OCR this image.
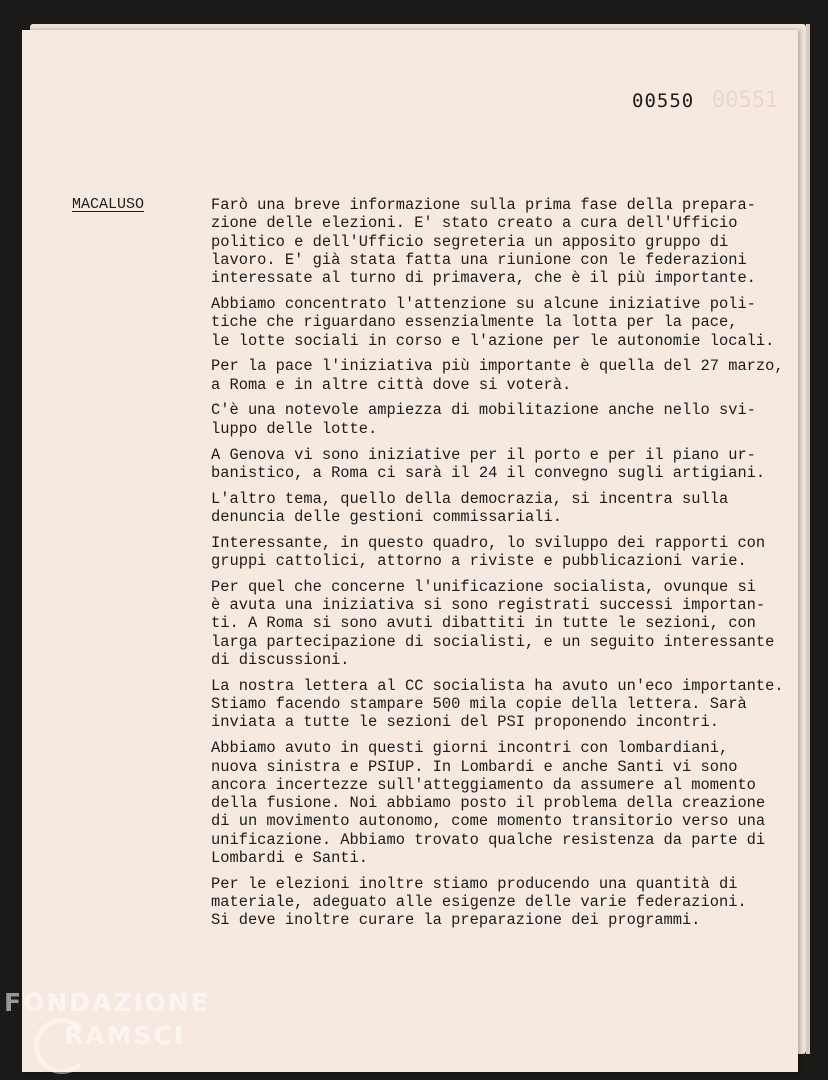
00551
00550
MACALUSO	Farò una breve informazione sulla prima fase della prepara-
zione delle elezioni. E' stato creato a cura dell'Ufficio
politico e dell'Ufficio segreteria un apposito gruppo di
lavoro. E' già stata fatta una riunione con le federazioni
interessate al turno di primavera, che è il più importante.

Abbiamo concentrato l'attenzione su alcune iniziative poli-
tiche che riguardano essenzialmente la lotta per la pace,
le lotte sociali in corso e l'azione per le autonomie locali.

Per la pace l'iniziativa più importante è quella del 27 marzo,
a Roma e in altre città dove si voterà.

C'è una notevole ampiezza di mobilitazione anche nello svi-
luppo delle lotte.

A Genova vi sono iniziative per il porto e per il piano ur-
banistico, a Roma ci sarà il 24 il convegno sugli artigiani.

L'altro tema, quello della democrazia, si incentra sulla
denuncia delle gestioni commissariali.

Interessante, in questo quadro, lo sviluppo dei rapporti con
gruppi cattolici, attorno a riviste e pubblicazioni varie.

Per quel che concerne l'unificazione socialista, ovunque si
è avuta una iniziativa si sono registrati successi importan-
ti. A Roma si sono avuti dibattiti in tutte le sezioni, con
larga partecipazione di socialisti, e un seguito interessante
di discussioni.

La nostra lettera al CC socialista ha avuto un'eco importante.
Stiamo facendo stampare 500 mila copie della lettera. Sarà
inviata a tutte le sezioni del PSI proponendo incontri.

Abbiamo avuto in questi giorni incontri con lombardiani,
nuova sinistra e PSIUP. In Lombardi e anche Santi vi sono
ancora incertezze sull'atteggiamento da assumere al momento
della fusione. Noi abbiamo posto il problema della creazione
di un movimento autonomo, come momento transitorio verso una
unificazione. Abbiamo trovato qualche resistenza da parte di
Lombardi e Santi.

Per le elezioni inoltre stiamo producendo una quantità di
materiale, adeguato alle esigenze delle varie federazioni.
Si deve inoltre curare la preparazione dei programmi.

FONDAZIONE
RAMSCI
